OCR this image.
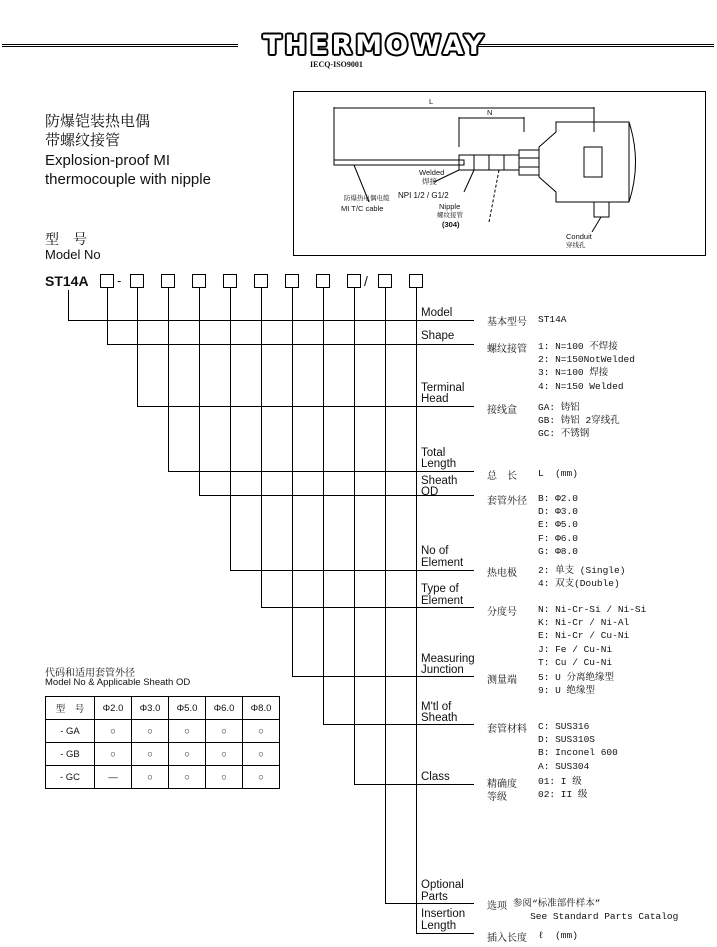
THERMOWAY
IECQ-ISO9001
防爆铠装热电偶
带螺纹接管
Explosion-proof MI
thermocouple with nipple
L
N
Welded
焊接
防爆热电偶电缆
MI T/C cable
NPI 1/2 / G1/2
Nipple
螺纹接管
(304)
Conduit
穿线孔
型　号
Model No
ST14A -	/
Model
Shape
Terminal
Head
Total
Length
Sheath
OD
No of
Element
Type of
Element
Measuring
Junction
M'tl of
Sheath
Class
Optional
Parts
Insertion
Length
基本型号
螺纹接管
接线盒
总　长
套管外径
热电极
分度号
测量端
套管材料
精确度
等级
选项
插入长度
ST14A
1: N=100 不焊接
2: N=150NotWelded
3: N=100 焊接
4: N=150 Welded
GA: 铸铝
GB: 铸铝 2穿线孔
GC: 不锈钢
L  (mm)
B: Φ2.0
D: Φ3.0
E: Φ5.0
F: Φ6.0
G: Φ8.0
2: 单支 (Single)
4: 双支(Double)
N: Ni-Cr-Si / Ni-Si
K: Ni-Cr / Ni-Al
E: Ni-Cr / Cu-Ni
J: Fe / Cu-Ni
T: Cu / Cu-Ni
5: U 分离绝缘型
9: U 绝缘型
C: SUS316
D: SUS310S
B: Inconel 600
A: SUS304
01: I 级
02: II 级
参阅“标准部件样本”
See Standard Parts Catalog
ℓ  (mm)
代码和适用套管外径
Model No & Applicable Sheath OD
型　号	Φ2.0	Φ3.0	Φ5.0	Φ6.0	Φ8.0
- GA	○	○	○	○	○
- GB	○	○	○	○	○
- GC	—	○	○	○	○
